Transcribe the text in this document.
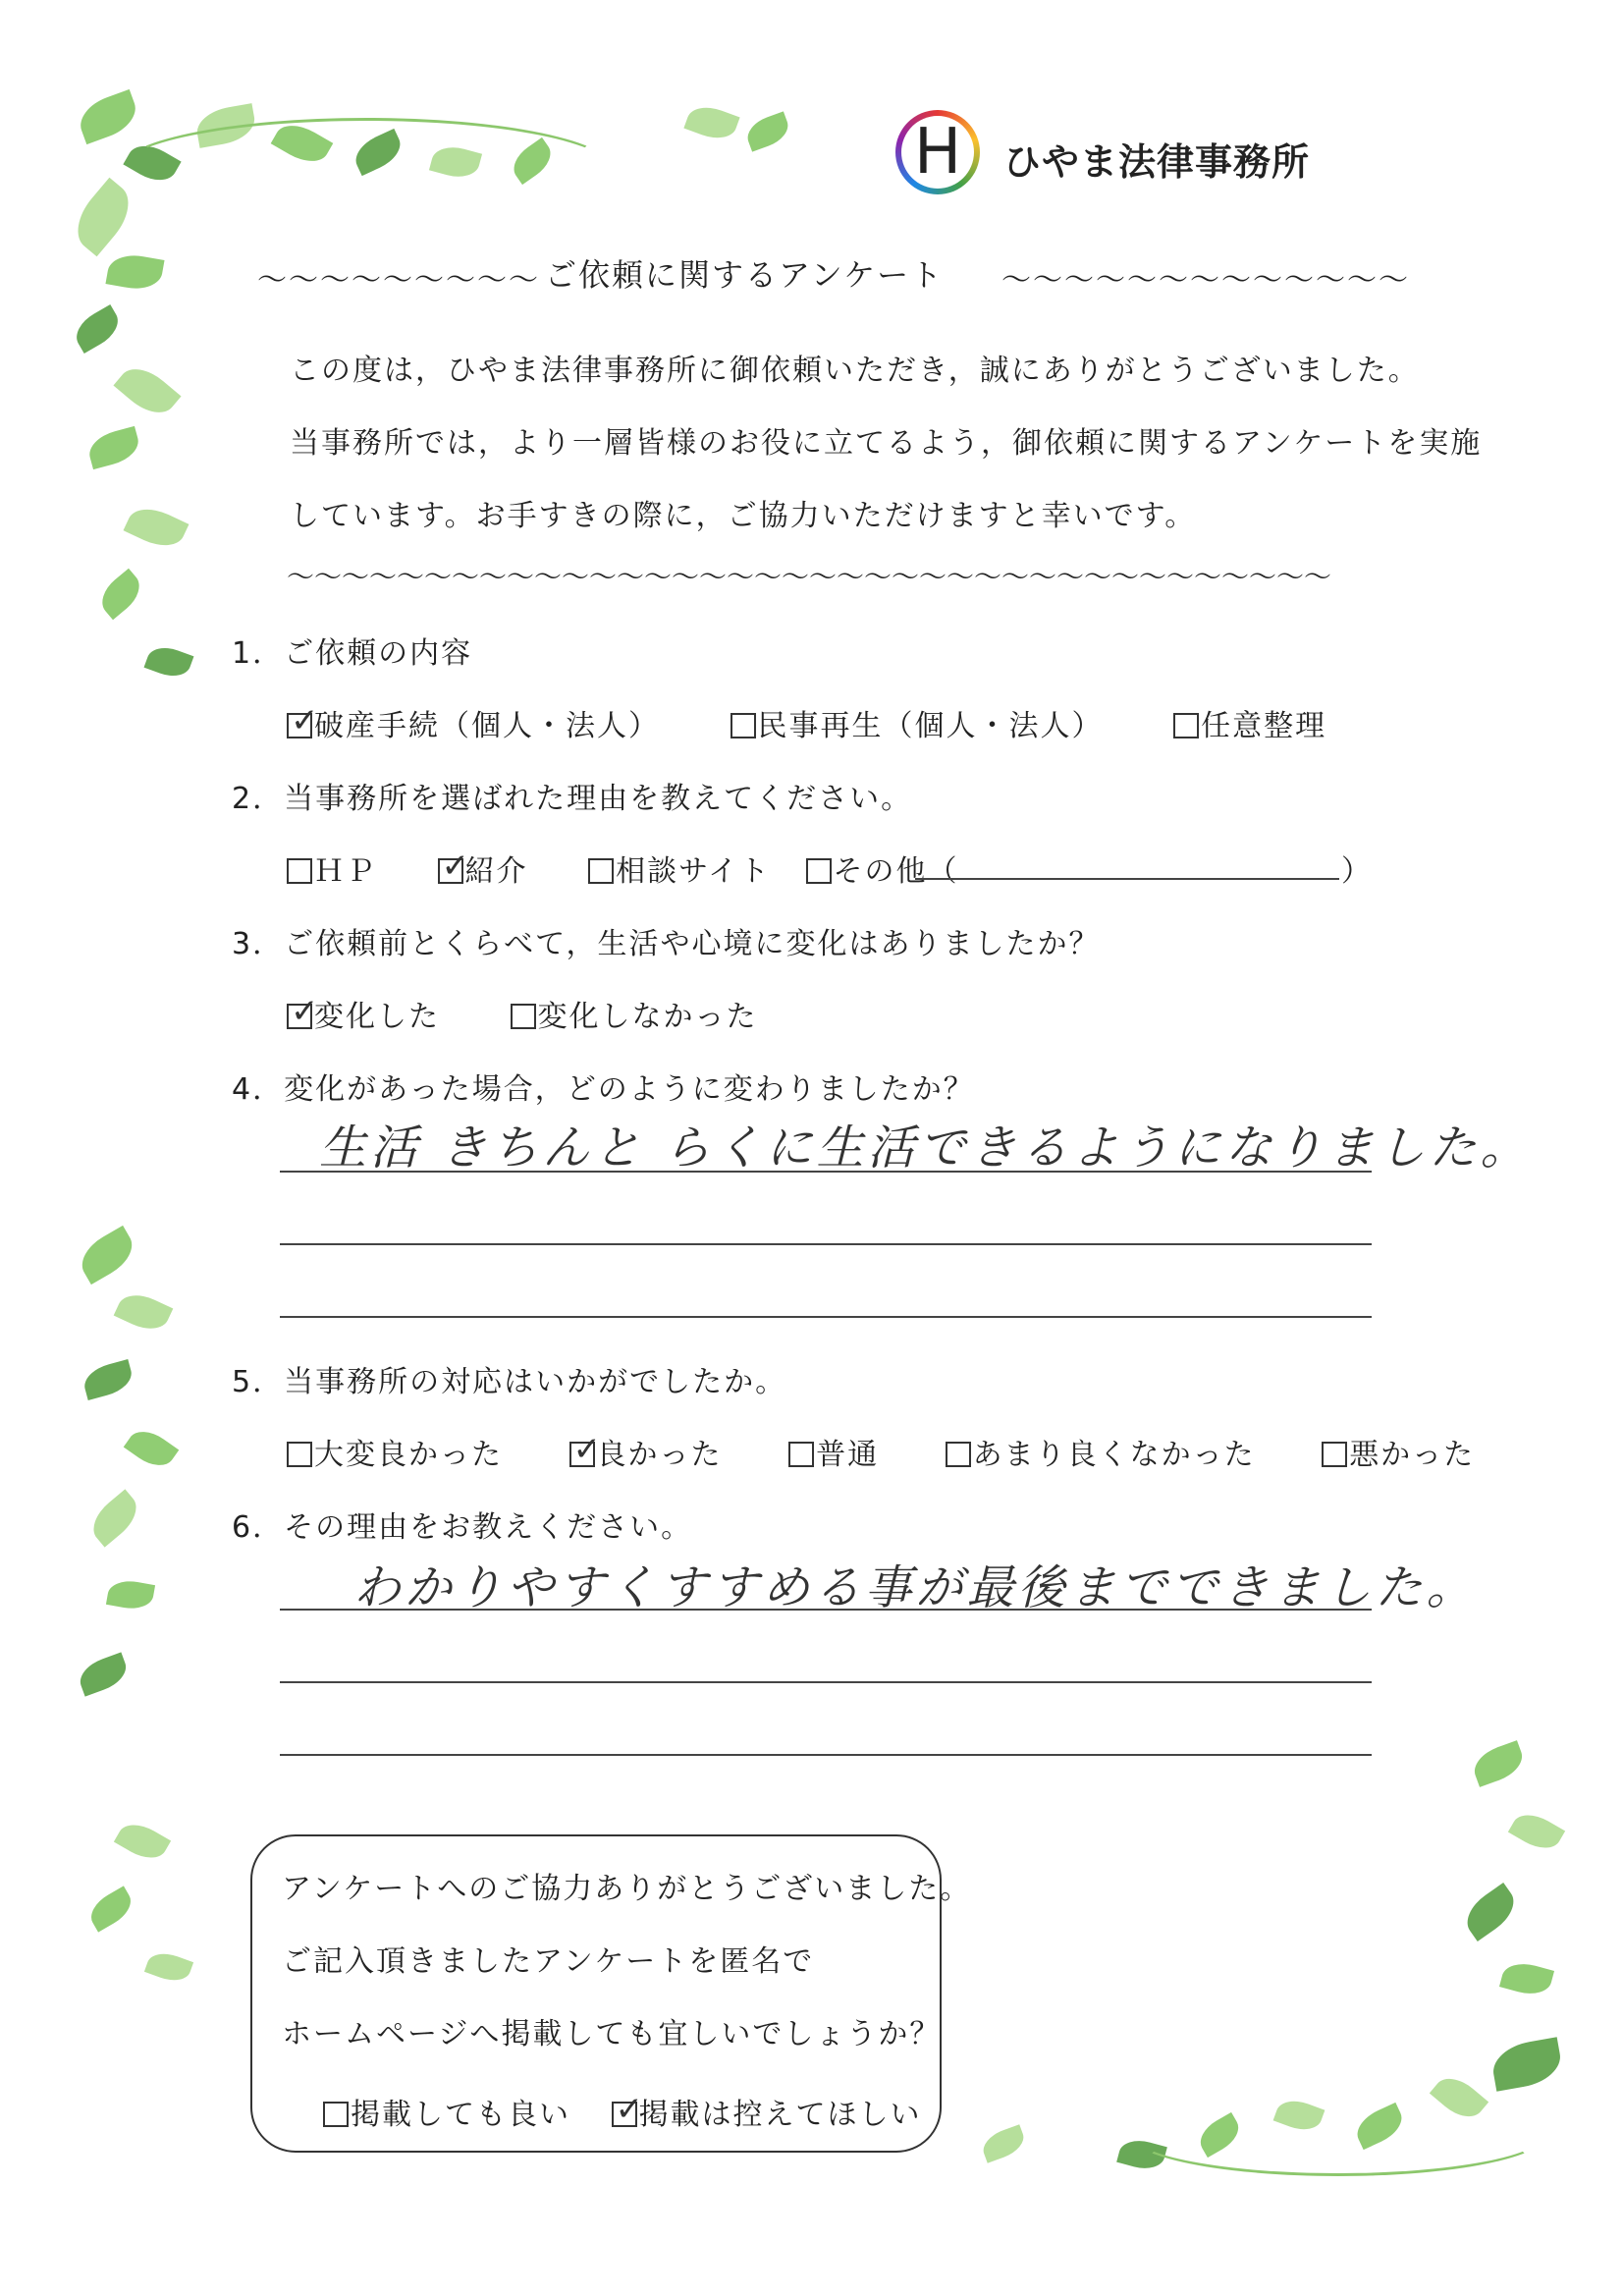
H	ひやま法律事務所
〜〜〜〜〜〜〜〜〜 ご依頼に関するアンケート 〜〜〜〜〜〜〜〜〜〜〜〜〜
この度は，ひやま法律事務所に御依頼いただき，誠にありがとうございました。
当事務所では，より一層皆様のお役に立てるよう，御依頼に関するアンケートを実施
しています。お手すきの際に，ご協力いただけますと幸いです。
〜〜〜〜〜〜〜〜〜〜〜〜〜〜〜〜〜〜〜〜〜〜〜〜〜〜〜〜〜〜〜〜〜〜〜〜〜〜
1．ご依頼の内容
✓
破産手続（個人・法人）	民事再生（個人・法人）	任意整理
2．当事務所を選ばれた理由を教えてください。
ＨＰ ✓
紹介	相談サイト その他（	）
3．ご依頼前とくらべて，生活や心境に変化はありましたか？
✓
変化した	変化しなかった
4．変化があった場合，どのように変わりましたか？
生活 きちんと らくに生活できるようになりました。
5．当事務所の対応はいかがでしたか。
大変良かった ✓
良かった	普通	あまり良くなかった	悪かった
6．その理由をお教えください。
わかりやすくすすめる事が最後までできました。
アンケートへのご協力ありがとうございました。
ご記入頂きましたアンケートを匿名で
ホームページへ掲載しても宜しいでしょうか？
掲載しても良い ✓
掲載は控えてほしい
